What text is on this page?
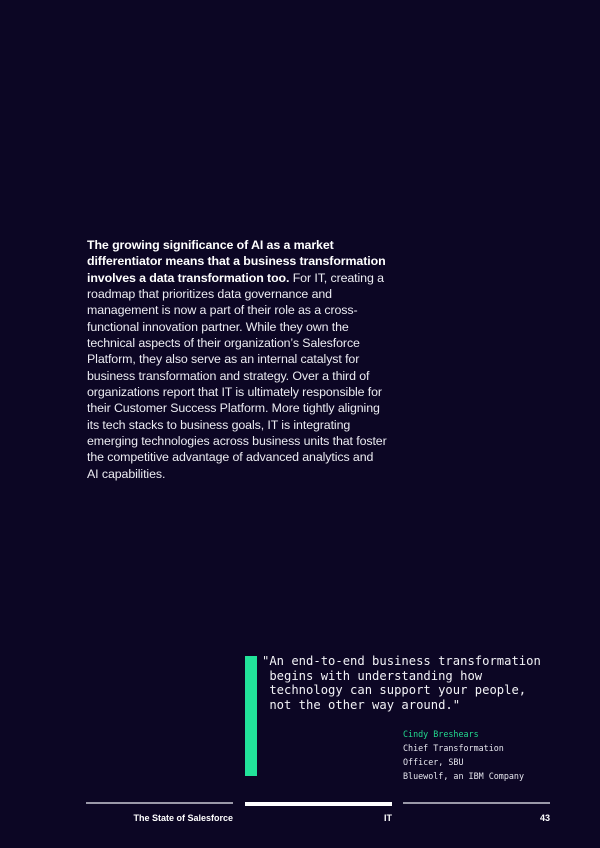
The growing significance of AI as a market differentiator means that a business transformation involves a data transformation too. For IT, creating a roadmap that prioritizes data governance and management is now a part of their role as a cross-functional innovation partner. While they own the technical aspects of their organization’s Salesforce Platform, they also serve as an internal catalyst for business transformation and strategy. Over a third of organizations report that IT is ultimately responsible for their Customer Success Platform. More tightly aligning its tech stacks to business goals, IT is integrating emerging technologies across business units that foster the competitive advantage of advanced analytics and AI capabilities.
"An end-to-end business transformation
begins with understanding how
technology can support your people,
not the other way around."
Cindy Breshears
Chief Transformation
Officer, SBU
Bluewolf, an IBM Company
The State of Salesforce	IT	43
